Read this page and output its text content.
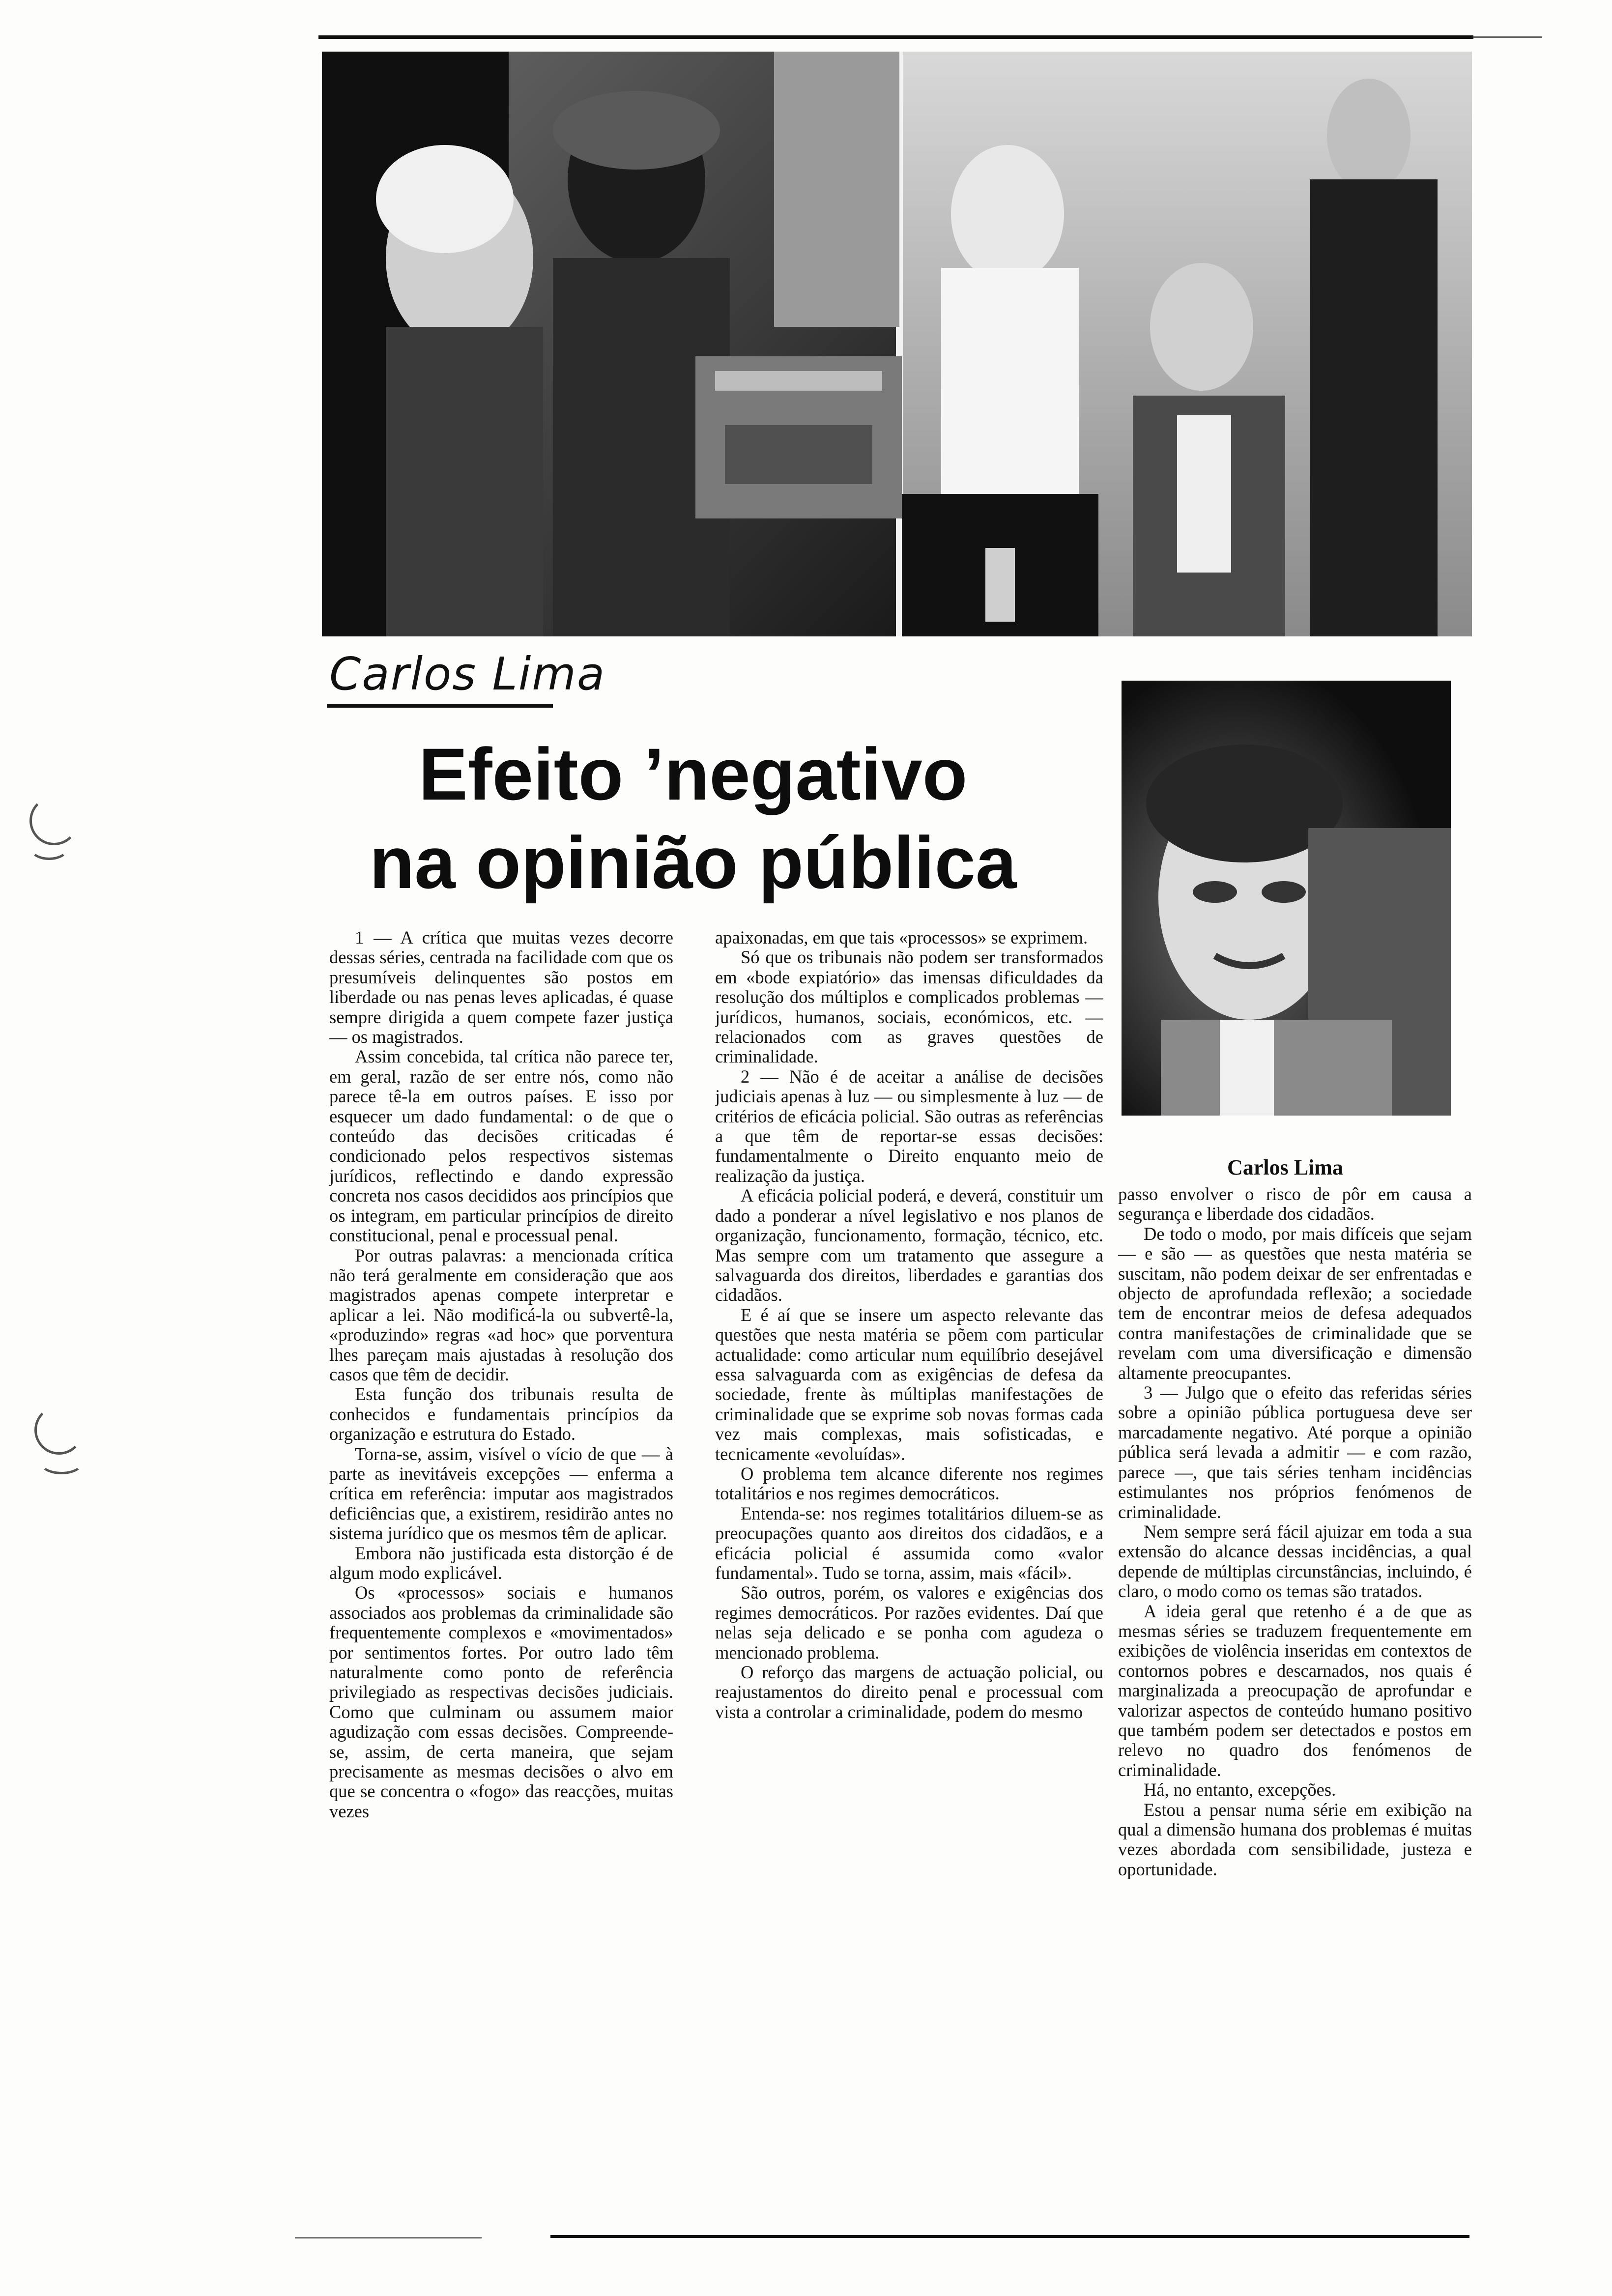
Carlos Lima
Efeito ’negativo
na opinião pública
Carlos Lima

1 — A crítica que muitas vezes decorre dessas séries, centrada na facilidade com que os presumíveis delinquentes são postos em liberdade ou nas penas leves aplicadas, é quase sempre dirigida a quem compete fazer justiça — os magistrados.

Assim concebida, tal crítica não parece ter, em geral, razão de ser entre nós, como não parece tê-la em outros países. E isso por esquecer um dado fundamental: o de que o conteúdo das decisões criticadas é condicionado pelos respectivos sistemas jurídicos, reflectindo e dando expressão concreta nos casos decididos aos princípios que os integram, em particular princípios de direito constitucional, penal e processual penal.

Por outras palavras: a mencionada crítica não terá geralmente em consideração que aos magistrados apenas compete interpretar e aplicar a lei. Não modificá-la ou subvertê-la, «produzindo» regras «ad hoc» que porventura lhes pareçam mais ajustadas à resolução dos casos que têm de decidir.

Esta função dos tribunais resulta de conhecidos e fundamentais princípios da organização e estrutura do Estado.

Torna-se, assim, visível o vício de que — à parte as inevitáveis excepções — enferma a crítica em referência: imputar aos magistrados deficiências que, a existirem, residirão antes no sistema jurídico que os mesmos têm de aplicar.

Embora não justificada esta distorção é de algum modo explicável.

Os «processos» sociais e humanos associados aos problemas da criminalidade são frequentemente complexos e «movimentados» por sentimentos fortes. Por outro lado têm naturalmente como ponto de referência privilegiado as respectivas decisões judiciais. Como que culminam ou assumem maior agudização com essas decisões. Compreende-se, assim, de certa maneira, que sejam precisamente as mesmas decisões o alvo em que se concentra o «fogo» das reacções, muitas vezes

apaixonadas, em que tais «processos» se exprimem.

Só que os tribunais não podem ser transformados em «bode expiatório» das imensas dificuldades da resolução dos múltiplos e complicados problemas — jurídicos, humanos, sociais, económicos, etc. — relacionados com as graves questões de criminalidade.

2 — Não é de aceitar a análise de decisões judiciais apenas à luz — ou simplesmente à luz — de critérios de eficácia policial. São outras as referências a que têm de reportar-se essas decisões: fundamentalmente o Direito enquanto meio de realização da justiça.

A eficácia policial poderá, e deverá, constituir um dado a ponderar a nível legislativo e nos planos de organização, funcionamento, formação, técnico, etc. Mas sempre com um tratamento que assegure a salvaguarda dos direitos, liberdades e garantias dos cidadãos.

E é aí que se insere um aspecto relevante das questões que nesta matéria se põem com particular actualidade: como articular num equilíbrio desejável essa salvaguarda com as exigências de defesa da sociedade, frente às múltiplas manifestações de criminalidade que se exprime sob novas formas cada vez mais complexas, mais sofisticadas, e tecnicamente «evoluídas».

O problema tem alcance diferente nos regimes totalitários e nos regimes democráticos.

Entenda-se: nos regimes totalitários diluem-se as preocupações quanto aos direitos dos cidadãos, e a eficácia policial é assumida como «valor fundamental». Tudo se torna, assim, mais «fácil».

São outros, porém, os valores e exigências dos regimes democráticos. Por razões evidentes. Daí que nelas seja delicado e se ponha com agudeza o mencionado problema.

O reforço das margens de actuação policial, ou reajustamentos do direito penal e processual com vista a controlar a criminalidade, podem do mesmo

passo envolver o risco de pôr em causa a segurança e liberdade dos cidadãos.

De todo o modo, por mais difíceis que sejam — e são — as questões que nesta matéria se suscitam, não podem deixar de ser enfrentadas e objecto de aprofundada reflexão; a sociedade tem de encontrar meios de defesa adequados contra manifestações de criminalidade que se revelam com uma diversificação e dimensão altamente preocupantes.

3 — Julgo que o efeito das referidas séries sobre a opinião pública portuguesa deve ser marcadamente negativo. Até porque a opinião pública será levada a admitir — e com razão, parece —, que tais séries tenham incidências estimulantes nos próprios fenómenos de criminalidade.

Nem sempre será fácil ajuizar em toda a sua extensão do alcance dessas incidências, a qual depende de múltiplas circunstâncias, incluindo, é claro, o modo como os temas são tratados.

A ideia geral que retenho é a de que as mesmas séries se traduzem frequentemente em exibições de violência inseridas em contextos de contornos pobres e descarnados, nos quais é marginalizada a preocupação de aprofundar e valorizar aspectos de conteúdo humano positivo que também podem ser detectados e postos em relevo no quadro dos fenómenos de criminalidade.

Há, no entanto, excepções.

Estou a pensar numa série em exibição na qual a dimensão humana dos problemas é muitas vezes abordada com sensibilidade, justeza e oportunidade.
